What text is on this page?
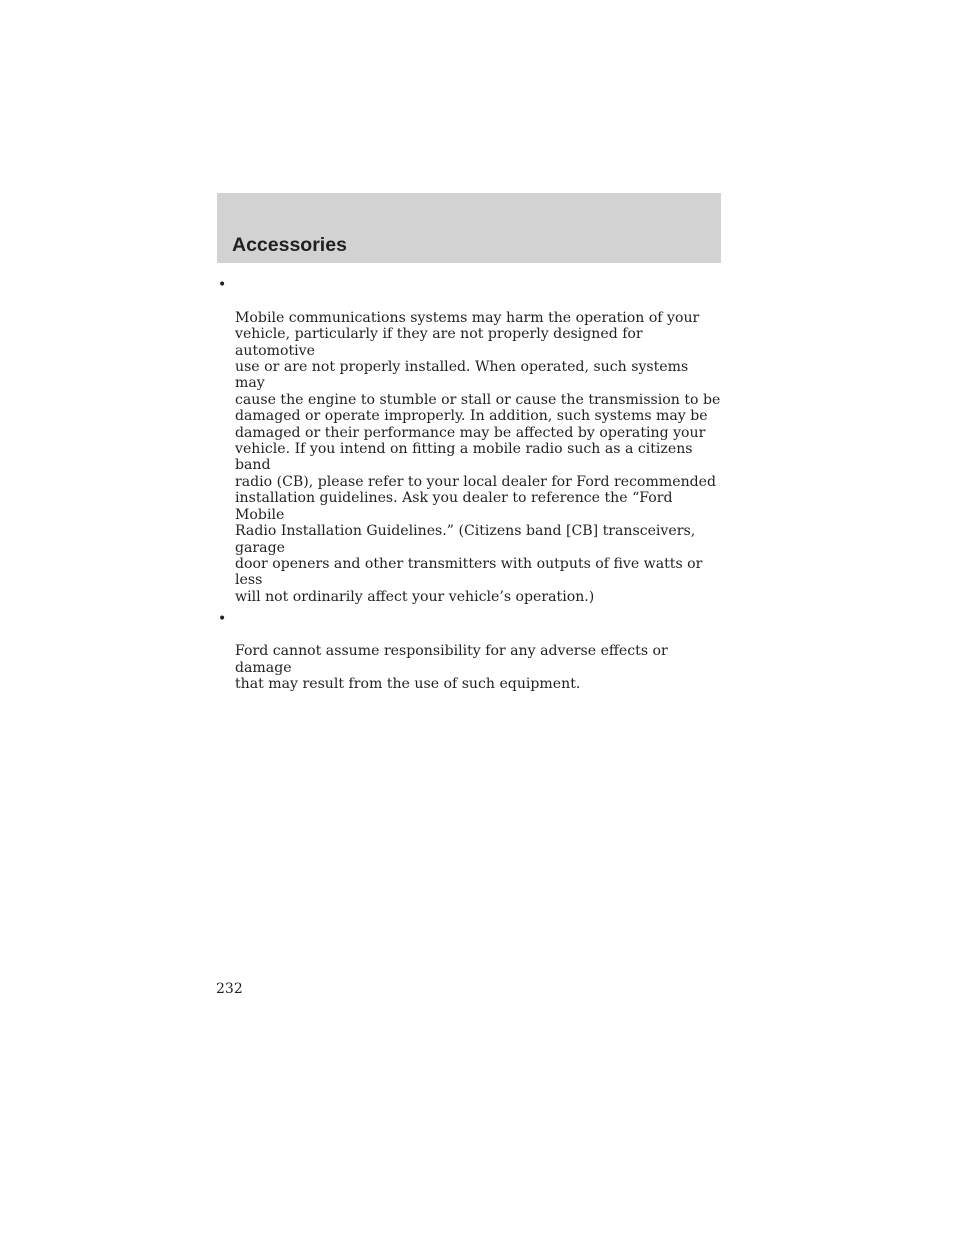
Accessories

•

Mobile communications systems may harm the operation of your
vehicle, particularly if they are not properly designed for automotive
use or are not properly installed. When operated, such systems may
cause the engine to stumble or stall or cause the transmission to be
damaged or operate improperly. In addition, such systems may be
damaged or their performance may be affected by operating your
vehicle. If you intend on fitting a mobile radio such as a citizens band
radio (CB), please refer to your local dealer for Ford recommended
installation guidelines. Ask you dealer to reference the “Ford Mobile
Radio Installation Guidelines.” (Citizens band [CB] transceivers, garage
door openers and other transmitters with outputs of five watts or less
will not ordinarily affect your vehicle’s operation.)

•

Ford cannot assume responsibility for any adverse effects or damage
that may result from the use of such equipment.

232
